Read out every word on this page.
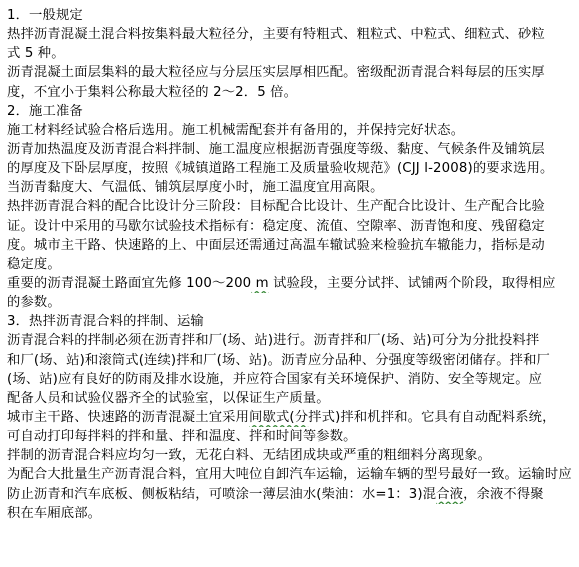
1．一般规定
热拌沥青混凝土混合料按集料最大粒径分，主要有特粗式、粗粒式、中粒式、细粒式、砂粒
式 5 种。
沥青混凝土面层集料的最大粒径应与分层压实层厚相匹配。密级配沥青混合料每层的压实厚
度，不宜小于集料公称最大粒径的 2～2．5 倍。
2．施工准备
施工材料经试验合格后选用。施工机械需配套并有备用的，并保持完好状态。
沥青加热温度及沥青混合料拌制、施工温度应根据沥青强度等级、黏度、气候条件及铺筑层
的厚度及下卧层厚度，按照《城镇道路工程施工及质量验收规范》(CJJ l-2008)的要求选用。
当沥青黏度大、气温低、铺筑层厚度小时，施工温度宜用高限。
热拌沥青混合料的配合比设计分三阶段：目标配合比设计、生产配合比设计、生产配合比验
证。设计中采用的马歇尔试验技术指标有：稳定度、流值、空隙率、沥青饱和度、残留稳定
度。城市主干路、快速路的上、中面层还需通过高温车辙试验来检验抗车辙能力，指标是动
稳定度。
重要的沥青混凝土路面宜先修 100～200 m 试验段，主要分试拌、试铺两个阶段，取得相应
的参数。
3．热拌沥青混合料的拌制、运输
沥青混合料的拌制必须在沥青拌和厂(场、站)进行。沥青拌和厂(场、站)可分为分批投料拌
和厂(场、站)和滚筒式(连续)拌和厂(场、站)。沥青应分品种、分强度等级密闭储存。拌和厂
(场、站)应有良好的防雨及排水设施，并应符合国家有关环境保护、消防、安全等规定。应
配备人员和试验仪器齐全的试验室，以保证生产质量。
城市主干路、快速路的沥青混凝土宜采用间歇式(分拌式)拌和机拌和。它具有自动配料系统，
可自动打印每拌料的拌和量、拌和温度、拌和时间等参数。
拌制的沥青混合料应均匀一致，无花白料、无结团成块或严重的粗细料分离现象。
为配合大批量生产沥青混合料，宜用大吨位自卸汽车运输，运输车辆的型号最好一致。运输时应
防止沥青和汽车底板、侧板粘结，可喷涂一薄层油水(柴油：水=1：3)混合液，余液不得聚
积在车厢底部。
